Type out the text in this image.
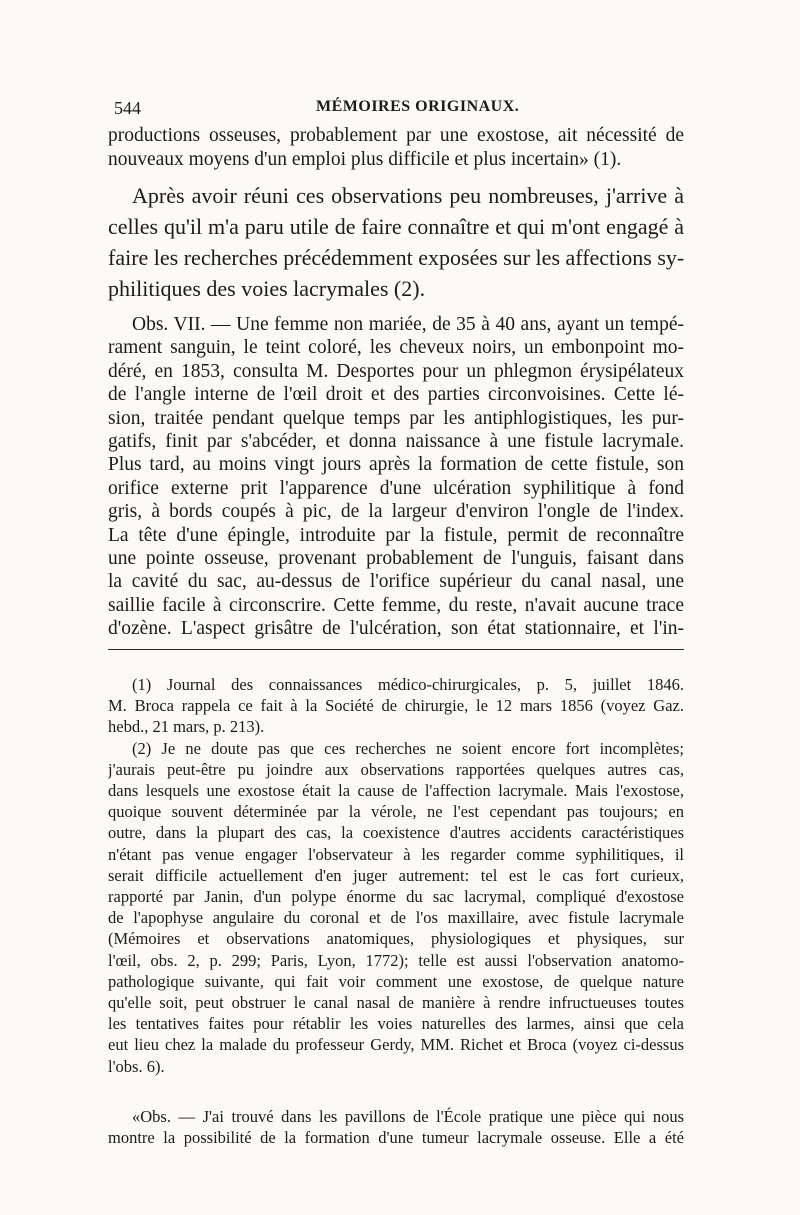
544	MÉMOIRES ORIGINAUX.
productions osseuses, probablement par une exostose, ait nécessité de
nouveaux moyens d'un emploi plus difficile et plus incertain» (1).
Après avoir réuni ces observations peu nombreuses, j'arrive à
celles qu'il m'a paru utile de faire connaître et qui m'ont engagé à
faire les recherches précédemment exposées sur les affections sy-
philitiques des voies lacrymales (2).
Obs. VII. — Une femme non mariée, de 35 à 40 ans, ayant un tempé-
rament sanguin, le teint coloré, les cheveux noirs, un embonpoint mo-
déré, en 1853, consulta M. Desportes pour un phlegmon érysipélateux
de l'angle interne de l'œil droit et des parties circonvoisines. Cette lé-
sion, traitée pendant quelque temps par les antiphlogistiques, les pur-
gatifs, finit par s'abcéder, et donna naissance à une fistule lacrymale.
Plus tard, au moins vingt jours après la formation de cette fistule, son
orifice externe prit l'apparence d'une ulcération syphilitique à fond
gris, à bords coupés à pic, de la largeur d'environ l'ongle de l'index.
La tête d'une épingle, introduite par la fistule, permit de reconnaître
une pointe osseuse, provenant probablement de l'unguis, faisant dans
la cavité du sac, au-dessus de l'orifice supérieur du canal nasal, une
saillie facile à circonscrire. Cette femme, du reste, n'avait aucune trace
d'ozène. L'aspect grisâtre de l'ulcération, son état stationnaire, et l'in-
(1) Journal des connaissances médico-chirurgicales, p. 5, juillet 1846.
M. Broca rappela ce fait à la Société de chirurgie, le 12 mars 1856 (voyez Gaz.
hebd., 21 mars, p. 213).
(2) Je ne doute pas que ces recherches ne soient encore fort incomplètes;
j'aurais peut-être pu joindre aux observations rapportées quelques autres cas,
dans lesquels une exostose était la cause de l'affection lacrymale. Mais l'exostose,
quoique souvent déterminée par la vérole, ne l'est cependant pas toujours; en
outre, dans la plupart des cas, la coexistence d'autres accidents caractéristiques
n'étant pas venue engager l'observateur à les regarder comme syphilitiques, il
serait difficile actuellement d'en juger autrement: tel est le cas fort curieux,
rapporté par Janin, d'un polype énorme du sac lacrymal, compliqué d'exostose
de l'apophyse angulaire du coronal et de l'os maxillaire, avec fistule lacrymale
(Mémoires et observations anatomiques, physiologiques et physiques, sur
l'œil, obs. 2, p. 299; Paris, Lyon, 1772); telle est aussi l'observation anatomo-
pathologique suivante, qui fait voir comment une exostose, de quelque nature
qu'elle soit, peut obstruer le canal nasal de manière à rendre infructueuses toutes
les tentatives faites pour rétablir les voies naturelles des larmes, ainsi que cela
eut lieu chez la malade du professeur Gerdy, MM. Richet et Broca (voyez ci-dessus
l'obs. 6).
«Obs. — J'ai trouvé dans les pavillons de l'École pratique une pièce qui nous
montre la possibilité de la formation d'une tumeur lacrymale osseuse. Elle a été
